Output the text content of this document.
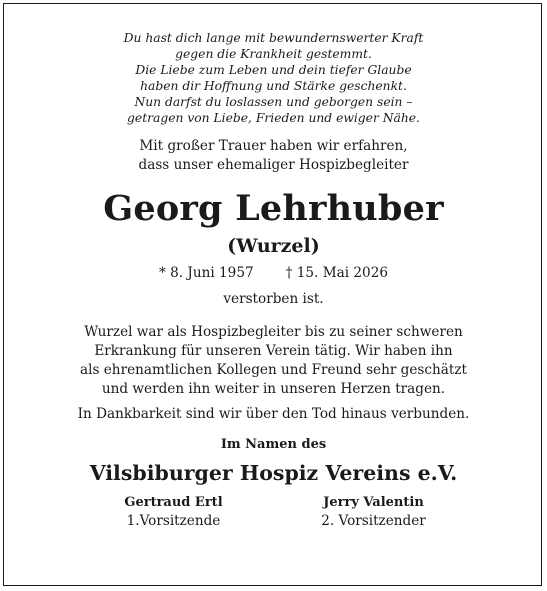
Du hast dich lange mit bewundernswerter Kraft
gegen die Krankheit gestemmt.
Die Liebe zum Leben und dein tiefer Glaube
haben dir Hoffnung und Stärke geschenkt.
Nun darfst du loslassen und geborgen sein –
getragen von Liebe, Frieden und ewiger Nähe.
Mit großer Trauer haben wir erfahren,
dass unser ehemaliger Hospizbegleiter
Georg Lehrhuber
(Wurzel)
* 8. Juni 1957 † 15. Mai 2026
verstorben ist.
Wurzel war als Hospizbegleiter bis zu seiner schweren
Erkrankung für unseren Verein tätig. Wir haben ihn
als ehrenamtlichen Kollegen und Freund sehr geschätzt
und werden ihn weiter in unseren Herzen tragen.
In Dankbarkeit sind wir über den Tod hinaus verbunden.
Im Namen des
Vilsbiburger Hospiz Vereins e.V.
Gertraud Ertl
1.Vorsitzende
Jerry Valentin
2. Vorsitzender
